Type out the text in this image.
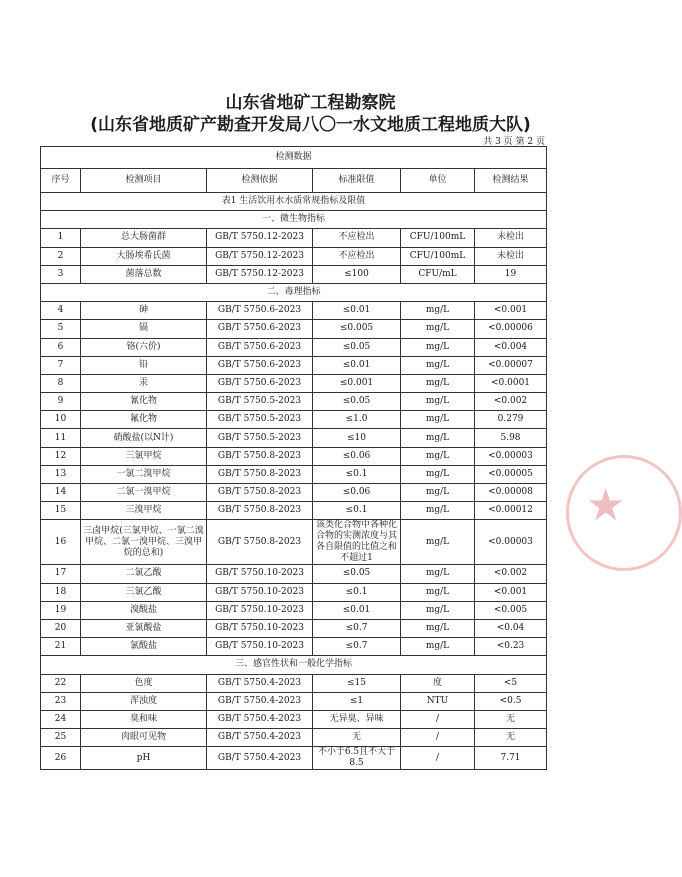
山东省地矿工程勘察院
(山东省地质矿产勘查开发局八〇一水文地质工程地质大队)
共 3 页 第 2 页
检测数据					
序号	检测项目	检测依据	标准限值	单位	检测结果
表1 生活饮用水水质常规指标及限值					
一、微生物指标					
1	总大肠菌群	GB/T 5750.12-2023	不应检出	CFU/100mL	未检出
2	大肠埃希氏菌	GB/T 5750.12-2023	不应检出	CFU/100mL	未检出
3	菌落总数	GB/T 5750.12-2023	≤100	CFU/mL	19
二、毒理指标					
4	砷	GB/T 5750.6-2023	≤0.01	mg/L	<0.001
5	镉	GB/T 5750.6-2023	≤0.005	mg/L	<0.00006
6	铬(六价)	GB/T 5750.6-2023	≤0.05	mg/L	<0.004
7	铅	GB/T 5750.6-2023	≤0.01	mg/L	<0.00007
8	汞	GB/T 5750.6-2023	≤0.001	mg/L	<0.0001
9	氰化物	GB/T 5750.5-2023	≤0.05	mg/L	<0.002
10	氟化物	GB/T 5750.5-2023	≤1.0	mg/L	0.279
11	硝酸盐(以N计)	GB/T 5750.5-2023	≤10	mg/L	5.98
12	三氯甲烷	GB/T 5750.8-2023	≤0.06	mg/L	<0.00003
13	一氯二溴甲烷	GB/T 5750.8-2023	≤0.1	mg/L	<0.00005
14	二氯一溴甲烷	GB/T 5750.8-2023	≤0.06	mg/L	<0.00008
15	三溴甲烷	GB/T 5750.8-2023	≤0.1	mg/L	<0.00012
16	三卤甲烷(三氯甲烷、一氯二溴甲烷、二氯一溴甲烷、三溴甲烷的总和)	GB/T 5750.8-2023	该类化合物中各种化合物的实测浓度与其各自限值的比值之和不超过1	mg/L	<0.00003
17	二氯乙酸	GB/T 5750.10-2023	≤0.05	mg/L	<0.002
18	三氯乙酸	GB/T 5750.10-2023	≤0.1	mg/L	<0.001
19	溴酸盐	GB/T 5750.10-2023	≤0.01	mg/L	<0.005
20	亚氯酸盐	GB/T 5750.10-2023	≤0.7	mg/L	<0.04
21	氯酸盐	GB/T 5750.10-2023	≤0.7	mg/L	<0.23
三、感官性状和一般化学指标					
22	色度	GB/T 5750.4-2023	≤15	度	<5
23	浑浊度	GB/T 5750.4-2023	≤1	NTU	<0.5
24	臭和味	GB/T 5750.4-2023	无异臭、异味	/	无
25	肉眼可见物	GB/T 5750.4-2023	无	/	无
26	pH	GB/T 5750.4-2023	不小于6.5且不大于8.5	/	7.71
★
